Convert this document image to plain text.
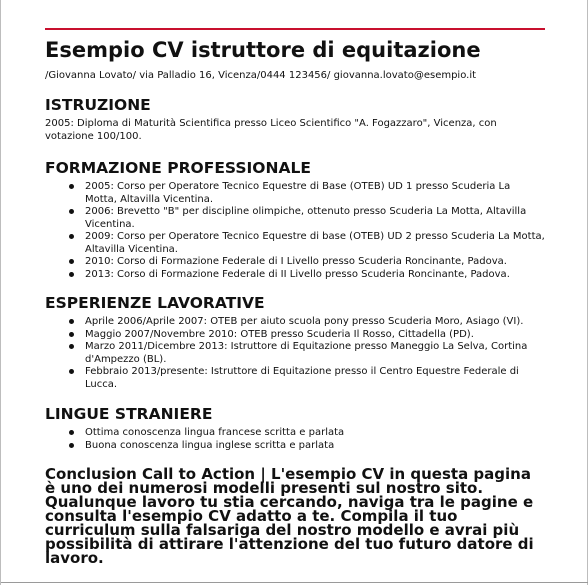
Esempio CV istruttore di equitazione
/Giovanna Lovato/ via Palladio 16, Vicenza/0444 123456/ giovanna.lovato@esempio.it
ISTRUZIONE

2005: Diploma di Maturità Scientifica presso Liceo Scientifico "A. Fogazzaro", Vicenza, con votazione 100/100.

FORMAZIONE PROFESSIONALE
2005: Corso per Operatore Tecnico Equestre di Base (OTEB) UD 1 presso Scuderia La Motta, Altavilla Vicentina.
2006: Brevetto "B" per discipline olimpiche, ottenuto presso Scuderia La Motta, Altavilla Vicentina.
2009: Corso per Operatore Tecnico Equestre di base (OTEB) UD 2 presso Scuderia La Motta, Altavilla Vicentina.
2010: Corso di Formazione Federale di I Livello presso Scuderia Roncinante, Padova.
2013: Corso di Formazione Federale di II Livello presso Scuderia Roncinante, Padova.
ESPERIENZE LAVORATIVE
Aprile 2006/Aprile 2007: OTEB per aiuto scuola pony presso Scuderia Moro, Asiago (VI).
Maggio 2007/Novembre 2010: OTEB presso Scuderia Il Rosso, Cittadella (PD).
Marzo 2011/Dicembre 2013: Istruttore di Equitazione presso Maneggio La Selva, Cortina d'Ampezzo (BL).
Febbraio 2013/presente: Istruttore di Equitazione presso il Centro Equestre Federale di Lucca.
LINGUE STRANIERE
Ottima conoscenza lingua francese scritta e parlata
Buona conoscenza lingua inglese scritta e parlata

Conclusion Call to Action | L'esempio CV in questa pagina è uno dei numerosi modelli presenti sul nostro sito. Qualunque lavoro tu stia cercando, naviga tra le pagine e consulta l'esempio CV adatto a te. Compila il tuo curriculum sulla falsariga del nostro modello e avrai più possibilità di attirare l'attenzione del tuo futuro datore di lavoro.
